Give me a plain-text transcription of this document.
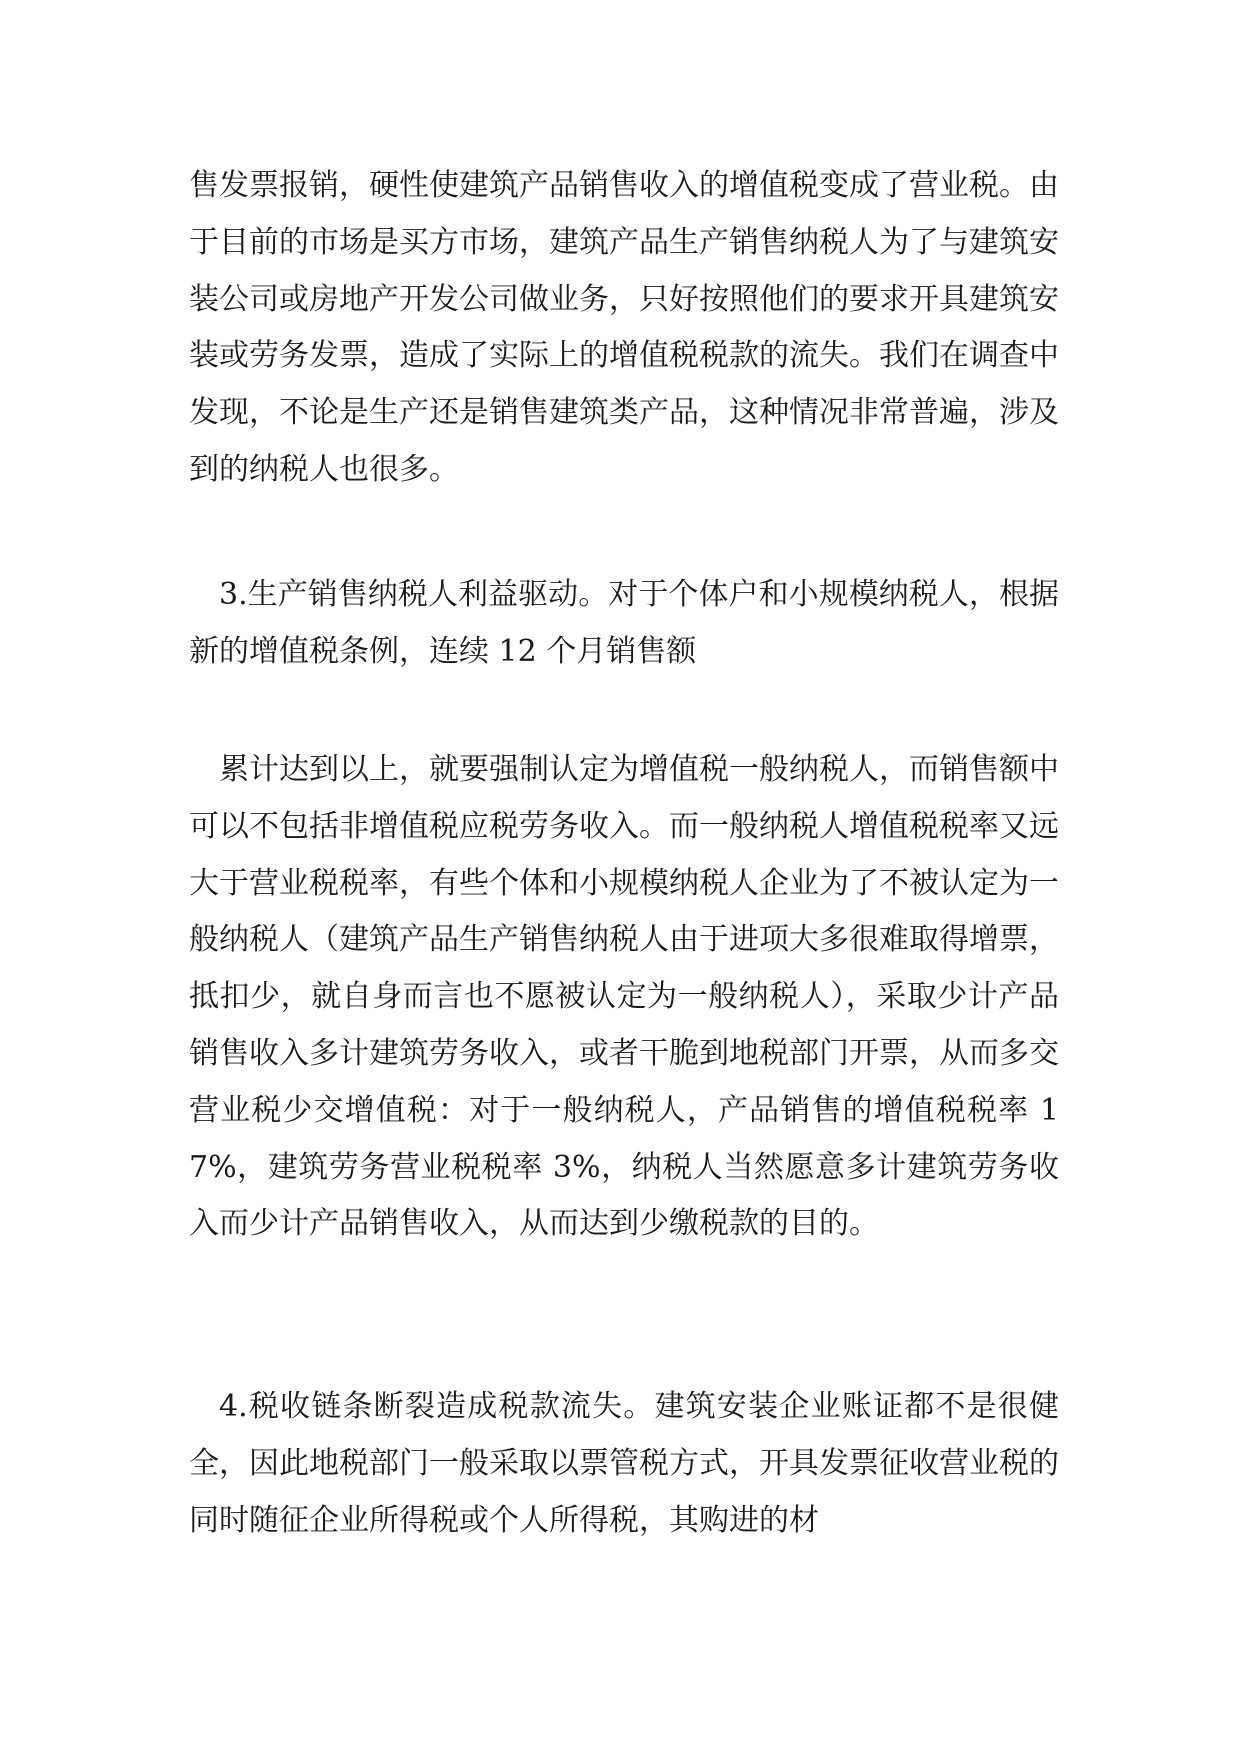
售发票报销，硬性使建筑产品销售收入的增值税变成了营业税。由于目前的市场是买方市场，建筑产品生产销售纳税人为了与建筑安装公司或房地产开发公司做业务，只好按照他们的要求开具建筑安装或劳务发票，造成了实际上的增值税税款的流失。我们在调查中发现，不论是生产还是销售建筑类产品，这种情况非常普遍，涉及到的纳税人也很多。

3.生产销售纳税人利益驱动。对于个体户和小规模纳税人，根据新的增值税条例，连续 12 个月销售额

累计达到以上，就要强制认定为增值税一般纳税人，而销售额中可以不包括非增值税应税劳务收入。而一般纳税人增值税税率又远大于营业税税率，有些个体和小规模纳税人企业为了不被认定为一般纳税人（建筑产品生产销售纳税人由于进项大多很难取得增票，抵扣少，就自身而言也不愿被认定为一般纳税人），采取少计产品销售收入多计建筑劳务收入，或者干脆到地税部门开票，从而多交营业税少交增值税：对于一般纳税人，产品销售的增值税税率 17%，建筑劳务营业税税率 3%，纳税人当然愿意多计建筑劳务收入而少计产品销售收入，从而达到少缴税款的目的。

4.税收链条断裂造成税款流失。建筑安装企业账证都不是很健全，因此地税部门一般采取以票管税方式，开具发票征收营业税的同时随征企业所得税或个人所得税，其购进的材
